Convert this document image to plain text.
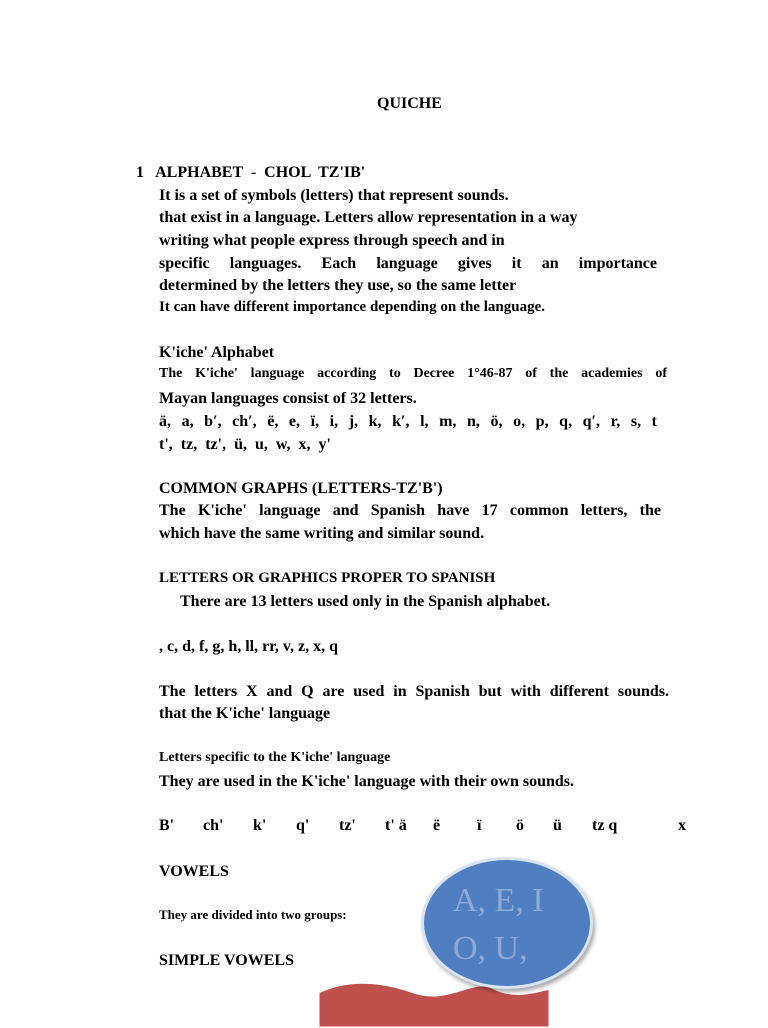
QUICHE
1   ALPHABET  -  CHOL  TZ'IB'
It is a set of symbols (letters) that represent sounds.
that exist in a language. Letters allow representation in a way
writing what people express through speech and in
specific languages. Each language gives it an importance
determined by the letters they use, so the same letter
It can have different importance depending on the language.
K'iche' Alphabet
The K'iche' language according to Decree 1°46-87 of the academies of
Mayan languages consist of 32 letters.
ä, a, b′, ch′, ë, e, ï, i, j, k, k′, l, m, n, ö, o, p, q, q′, r, s, t
t', tz, tz', ü, u, w, x, y'
COMMON GRAPHS (LETTERS-TZ'B')
The K'iche' language and Spanish have 17 common letters, the
which have the same writing and similar sound.
LETTERS OR GRAPHICS PROPER TO SPANISH
There are 13 letters used only in the Spanish alphabet.
, c, d, f, g, h, ll, rr, v, z, x, q
The letters X and Q are used in Spanish but with different sounds.
that the K'iche' language
Letters specific to the K'iche' language
They are used in the K'iche' language with their own sounds.
B' ch' k' q' tz' t' ä ë ï ö ü tz q	x
VOWELS
They are divided into two groups:
SIMPLE VOWELS
A, E, I
O, U,
